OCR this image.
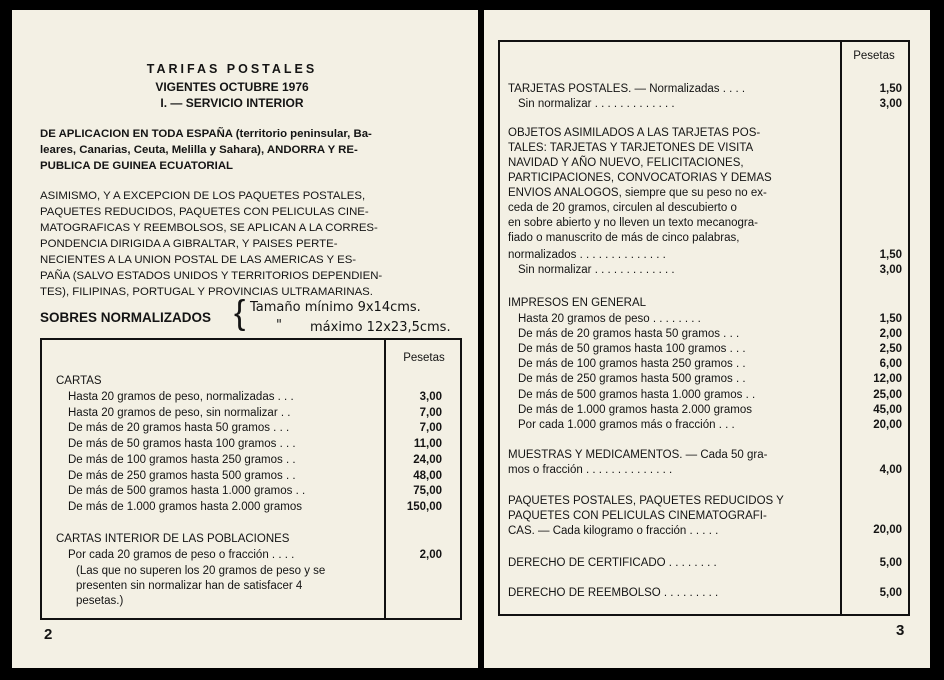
TARIFAS POSTALES
VIGENTES OCTUBRE 1976
I. — SERVICIO INTERIOR
DE APLICACION EN TODA ESPAÑA (territorio peninsular, Ba-
leares, Canarias, Ceuta, Melilla y Sahara), ANDORRA Y RE-
PUBLICA DE GUINEA ECUATORIAL
ASIMISMO, Y A EXCEPCION DE LOS PAQUETES POSTALES,
PAQUETES REDUCIDOS, PAQUETES CON PELICULAS CINE-
MATOGRAFICAS Y REEMBOLSOS, SE APLICAN A LA CORRES-
PONDENCIA DIRIGIDA A GIBRALTAR, Y PAISES PERTE-
NECIENTES A LA UNION POSTAL DE LAS AMERICAS Y ES-
PAÑA (SALVO ESTADOS UNIDOS Y TERRITORIOS DEPENDIEN-
TES), FILIPINAS, PORTUGAL Y PROVINCIAS ULTRAMARINAS.
SOBRES NORMALIZADOS { Tamaño mínimo 9x14cms.
" máximo 12x23,5cms.
Pesetas
CARTAS
Hasta 20 gramos de peso, normalizadas . . .	3,00
Hasta 20 gramos de peso, sin normalizar . .	7,00
De más de 20 gramos hasta 50 gramos . . .	7,00
De más de 50 gramos hasta 100 gramos . . .	11,00
De más de 100 gramos hasta 250 gramos . .	24,00
De más de 250 gramos hasta 500 gramos . .	48,00
De más de 500 gramos hasta 1.000 gramos . .	75,00
De más de 1.000 gramos hasta 2.000 gramos	150,00
CARTAS INTERIOR DE LAS POBLACIONES
Por cada 20 gramos de peso o fracción . . . .	2,00
(Las que no superen los 20 gramos de peso y se
presenten sin normalizar han de satisfacer 4
pesetas.)
2
Pesetas
TARJETAS POSTALES. — Normalizadas . . . .	1,50
Sin normalizar . . . . . . . . . . . . .	3,00
OBJETOS ASIMILADOS A LAS TARJETAS POS-
TALES: TARJETAS Y TARJETONES DE VISITA
NAVIDAD Y AÑO NUEVO, FELICITACIONES,
PARTICIPACIONES, CONVOCATORIAS Y DEMAS
ENVIOS ANALOGOS, siempre que su peso no ex-
ceda de 20 gramos, circulen al descubierto o
en sobre abierto y no lleven un texto mecanogra-
fiado o manuscrito de más de cinco palabras,
normalizados . . . . . . . . . . . . . .	1,50
Sin normalizar . . . . . . . . . . . . .	3,00
IMPRESOS EN GENERAL
Hasta 20 gramos de peso . . . . . . . .	1,50
De más de 20 gramos hasta 50 gramos . . .	2,00
De más de 50 gramos hasta 100 gramos . . .	2,50
De más de 100 gramos hasta 250 gramos . .	6,00
De más de 250 gramos hasta 500 gramos . .	12,00
De más de 500 gramos hasta 1.000 gramos . .	25,00
De más de 1.000 gramos hasta 2.000 gramos	45,00
Por cada 1.000 gramos más o fracción . . .	20,00
MUESTRAS Y MEDICAMENTOS. — Cada 50 gra-
mos o fracción . . . . . . . . . . . . . .	4,00
PAQUETES POSTALES, PAQUETES REDUCIDOS Y
PAQUETES CON PELICULAS CINEMATOGRAFI-
CAS. — Cada kilogramo o fracción . . . . .	20,00
DERECHO DE CERTIFICADO . . . . . . . .	5,00
DERECHO DE REEMBOLSO . . . . . . . . .	5,00
3
